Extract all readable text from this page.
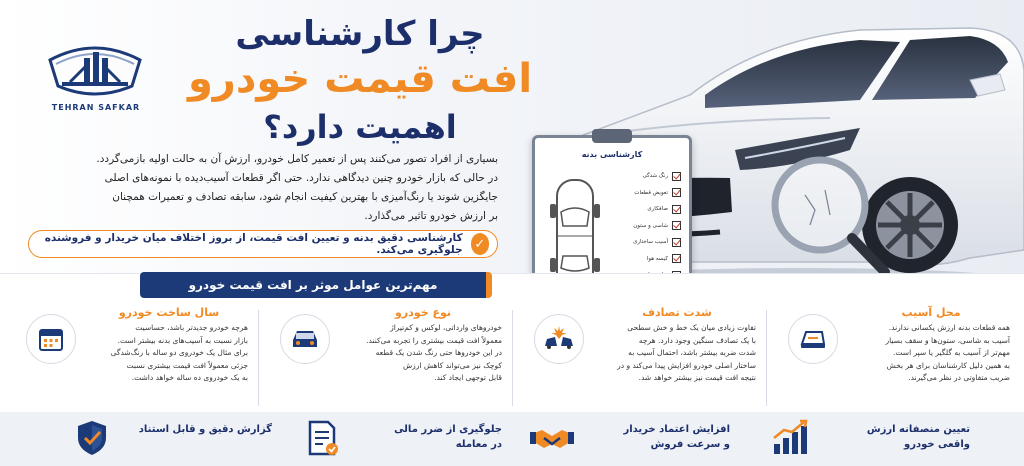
TEHRAN SAFKAR
چرا کارشناسی
افت قیمت خودرو
اهمیت دارد؟
بسیاری از افراد تصور می‌کنند پس از تعمیر کامل خودرو، ارزش آن به حالت اولیه بازمی‌گردد.
در حالی که بازار خودرو چنین دیدگاهی ندارد. حتی اگر قطعات آسیب‌دیده با نمونه‌های اصلی
جایگزین شوند یا رنگ‌آمیزی با بهترین کیفیت انجام شود، سابقه تصادف و تعمیرات همچنان
بر ارزش خودرو تاثیر می‌گذارد.
کارشناسی دقیق بدنه و تعیین افت قیمت، از بروز اختلاف میان خریدار و فروشنده جلوگیری می‌کند. ✓
کارشناسی بدنه
رنگ شدگی
تعویض قطعات
صافکاری
شاسی و ستون
آسیب ساختاری
کیسه هوا
مهم‌ترین عوامل موثر بر افت قیمت خودرو
محل آسیب
همه قطعات بدنه ارزش یکسانی ندارند.
آسیب به شاسی، ستون‌ها و سقف بسیار
مهم‌تر از آسیب به گلگیر یا سپر است.
به همین دلیل کارشناسان برای هر بخش
ضریب متفاوتی در نظر می‌گیرند.
شدت تصادف
تفاوت زیادی میان یک خط و خش سطحی
با یک تصادف سنگین وجود دارد. هرچه
شدت ضربه بیشتر باشد، احتمال آسیب به
ساختار اصلی خودرو افزایش پیدا می‌کند و در
نتیجه افت قیمت نیز بیشتر خواهد شد.
نوع خودرو
خودروهای وارداتی، لوکس و کم‌تیراژ
معمولاً افت قیمت بیشتری را تجربه می‌کنند.
در این خودروها حتی رنگ شدن یک قطعه
کوچک نیز می‌تواند کاهش ارزش
قابل توجهی ایجاد کند.
سال ساخت خودرو
هرچه خودرو جدیدتر باشد، حساسیت
بازار نسبت به آسیب‌های بدنه بیشتر است.
برای مثال یک خودروی دو ساله با رنگ‌شدگی
جزئی معمولاً افت قیمت بیشتری نسبت
به یک خودروی ده ساله خواهد داشت.
تعیین منصفانه ارزش
واقعی خودرو
افزایش اعتماد خریدار
و سرعت فروش
جلوگیری از ضرر مالی
در معامله
گزارش دقیق و قابل استناد
